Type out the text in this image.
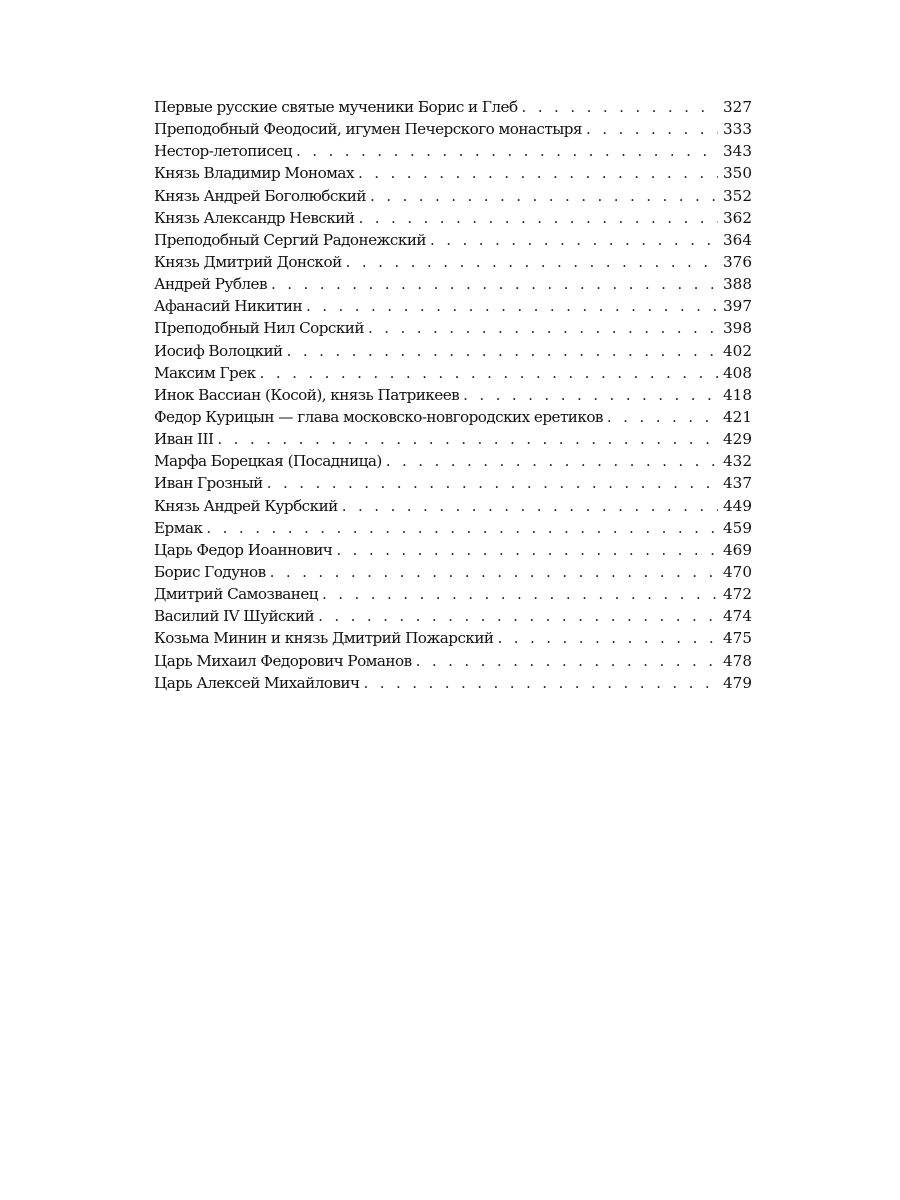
Первые русские святые мученики Борис и Глеб . . .	327
Преподобный Феодосий, игумен Печерского монастыря . . .	333
Нестор-летописец . . .	343
Князь Владимир Мономах . . .	350
Князь Андрей Боголюбский . . .	352
Князь Александр Невский . . .	362
Преподобный Сергий Радонежский . . .	364
Князь Дмитрий Донской . . .	376
Андрей Рублев . . .	388
Афанасий Никитин . . .	397
Преподобный Нил Сорский . . .	398
Иосиф Волоцкий . . .	402
Максим Грек . . .	408
Инок Вассиан (Косой), князь Патрикеев . . .	418
Федор Курицын — глава московско-новгородских еретиков . . .	421
Иван III . . .	429
Марфа Борецкая (Посадница) . . .	432
Иван Грозный . . .	437
Князь Андрей Курбский . . .	449
Ермак . . .	459
Царь Федор Иоаннович . . .	469
Борис Годунов . . .	470
Дмитрий Самозванец . . .	472
Василий IV Шуйский . . .	474
Козьма Минин и князь Дмитрий Пожарский . . .	475
Царь Михаил Федорович Романов . . .	478
Царь Алексей Михайлович . . .	479
